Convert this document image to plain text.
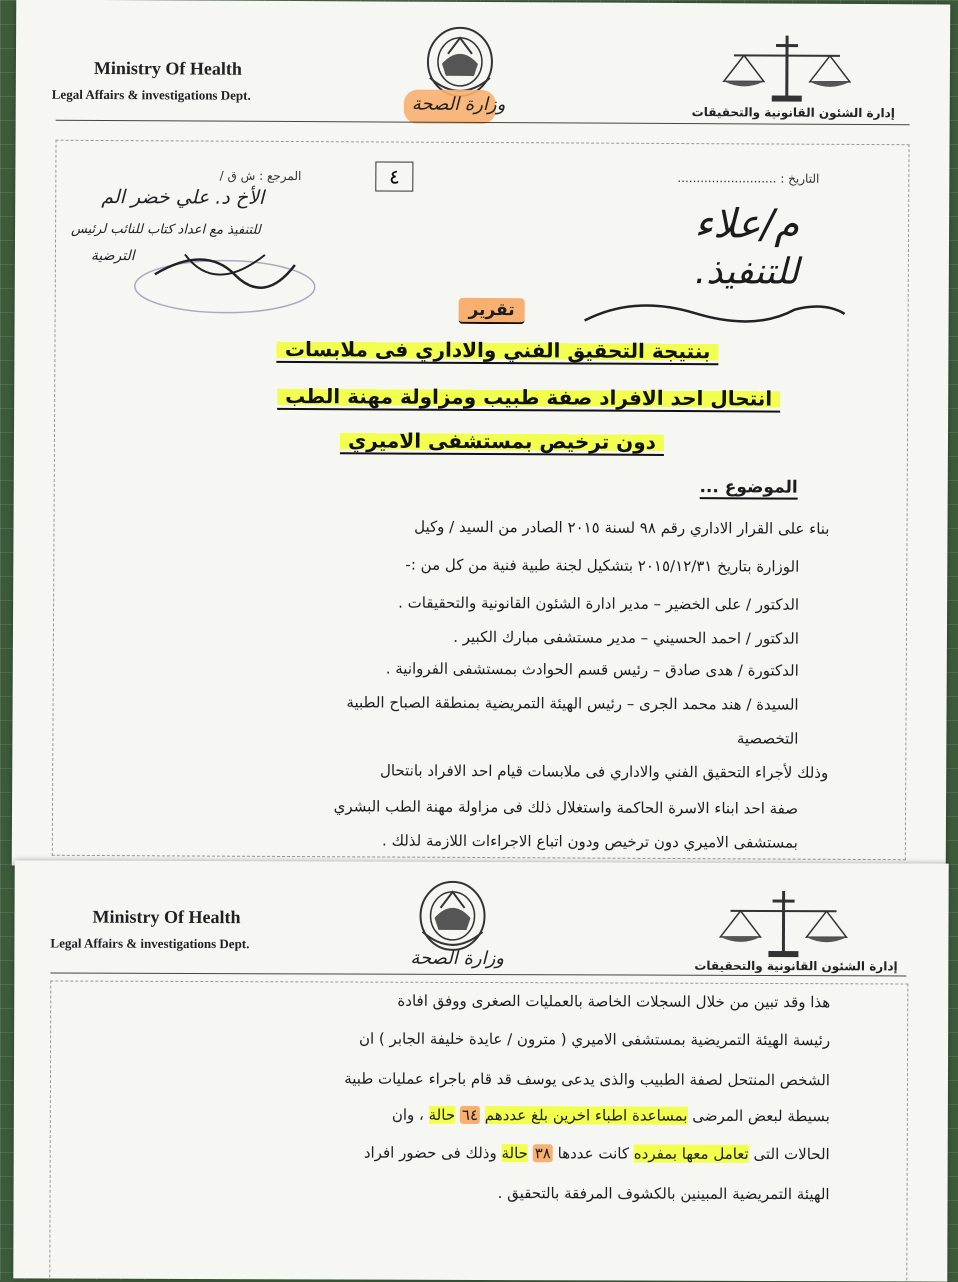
Ministry Of Health
Legal Affairs & investigations Dept.	وزارة الصحة	إدارة الشئون القانونية والتحقيقات
التاريخ : ..........................
المرجع : ش ق /	٤
م/علاء
للتنفيذ.
الأخ د. علي خضر الم
للتنفيذ مع اعداد كتاب للنائب لرئيس
الترضية
تقرير
بنتيجة التحقيق الفني والاداري فى ملابسات
انتحال احد الافراد صفة طبيب ومزاولة مهنة الطب
دون ترخيص بمستشفى الاميري
الموضوع ...
بناء على القرار الاداري رقم ٩٨ لسنة ٢٠١٥ الصادر من السيد / وكيل
الوزارة بتاريخ ٢٠١٥/١٢/٣١ بتشكيل لجنة طبية فنية من كل من :-
الدكتور / على الخضير – مدير ادارة الشئون القانونية والتحقيقات .
الدكتور / احمد الحسيني – مدير مستشفى مبارك الكبير .
الدكتورة / هدى صادق – رئيس قسم الحوادث بمستشفى الفروانية .
السيدة / هند محمد الجرى – رئيس الهيئة التمريضية بمنطقة الصباح الطبية
التخصصية
وذلك لأجراء التحقيق الفني والاداري فى ملابسات قيام احد الافراد بانتحال
صفة احد ابناء الاسرة الحاكمة واستغلال ذلك فى مزاولة مهنة الطب البشري
بمستشفى الاميري دون ترخيص ودون اتباع الاجراءات اللازمة لذلك .
Ministry Of Health
Legal Affairs & investigations Dept.
وزارة الصحة	إدارة الشئون القانونية والتحقيقات
هذا وقد تبين من خلال السجلات الخاصة بالعمليات الصغرى ووفق افادة
رئيسة الهيئة التمريضية بمستشفى الاميري ( مترون / عايدة خليفة الجابر ) ان
الشخص المنتحل لصفة الطبيب والذى يدعى يوسف قد قام باجراء عمليات طبية
بسيطة لبعض المرضى بمساعدة اطباء اخرين بلغ عددهم ٦٤ حالة ، وان
الحالات التى تعامل معها بمفرده كانت عددها ٣٨ حالة وذلك فى حضور افراد
الهيئة التمريضية المبينين بالكشوف المرفقة بالتحقيق .
